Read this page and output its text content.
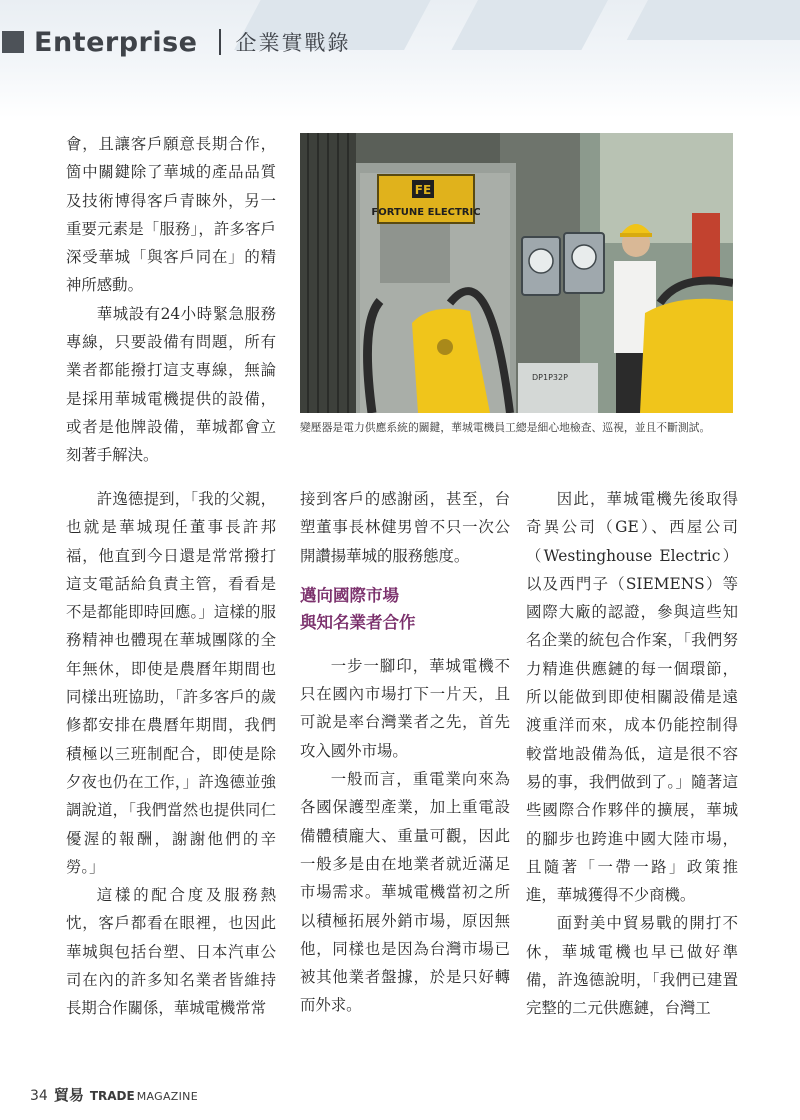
Enterprise 企業實戰錄

會，且讓客戶願意長期合作，箇中關鍵除了華城的產品品質及技術博得客戶青睞外，另一重要元素是「服務」，許多客戶深受華城「與客戶同在」的精神所感動。

華城設有24小時緊急服務專線，只要設備有問題，所有業者都能撥打這支專線，無論是採用華城電機提供的設備，或者是他牌設備，華城都會立刻著手解決。

FE
FORTUNE ELECTRIC
DP1P32P
變壓器是電力供應系統的關鍵，華城電機員工總是細心地檢查、巡視，並且不斷測試。

許逸德提到，「我的父親，也就是華城現任董事長許邦福，他直到今日還是常常撥打這支電話給負責主管，看看是不是都能即時回應。」這樣的服務精神也體現在華城團隊的全年無休，即使是農曆年期間也同樣出班協助，「許多客戶的歲修都安排在農曆年期間，我們積極以三班制配合，即使是除夕夜也仍在工作，」許逸德並強調說道，「我們當然也提供同仁優渥的報酬，謝謝他們的辛勞。」

這樣的配合度及服務熱忱，客戶都看在眼裡，也因此華城與包括台塑、日本汽車公司在內的許多知名業者皆維持長期合作關係，華城電機常常

接到客戶的感謝函，甚至，台塑董事長林健男曾不只一次公開讚揚華城的服務態度。

邁向國際市場
與知名業者合作

一步一腳印，華城電機不只在國內市場打下一片天，且可說是率台灣業者之先，首先攻入國外市場。

一般而言，重電業向來為各國保護型產業，加上重電設備體積龐大、重量可觀，因此一般多是由在地業者就近滿足市場需求。華城電機當初之所以積極拓展外銷市場，原因無他，同樣也是因為台灣市場已被其他業者盤據，於是只好轉而外求。

因此，華城電機先後取得奇異公司（GE）、西屋公司（Westinghouse Electric）以及西門子（SIEMENS）等國際大廠的認證，參與這些知名企業的統包合作案，「我們努力精進供應鏈的每一個環節，所以能做到即使相關設備是遠渡重洋而來，成本仍能控制得較當地設備為低，這是很不容易的事，我們做到了。」隨著這些國際合作夥伴的擴展，華城的腳步也跨進中國大陸市場，且隨著「一帶一路」政策推進，華城獲得不少商機。

面對美中貿易戰的開打不休，華城電機也早已做好準備，許逸德說明，「我們已建置完整的二元供應鏈，台灣工

34 貿易 TRADE MAGAZINE
